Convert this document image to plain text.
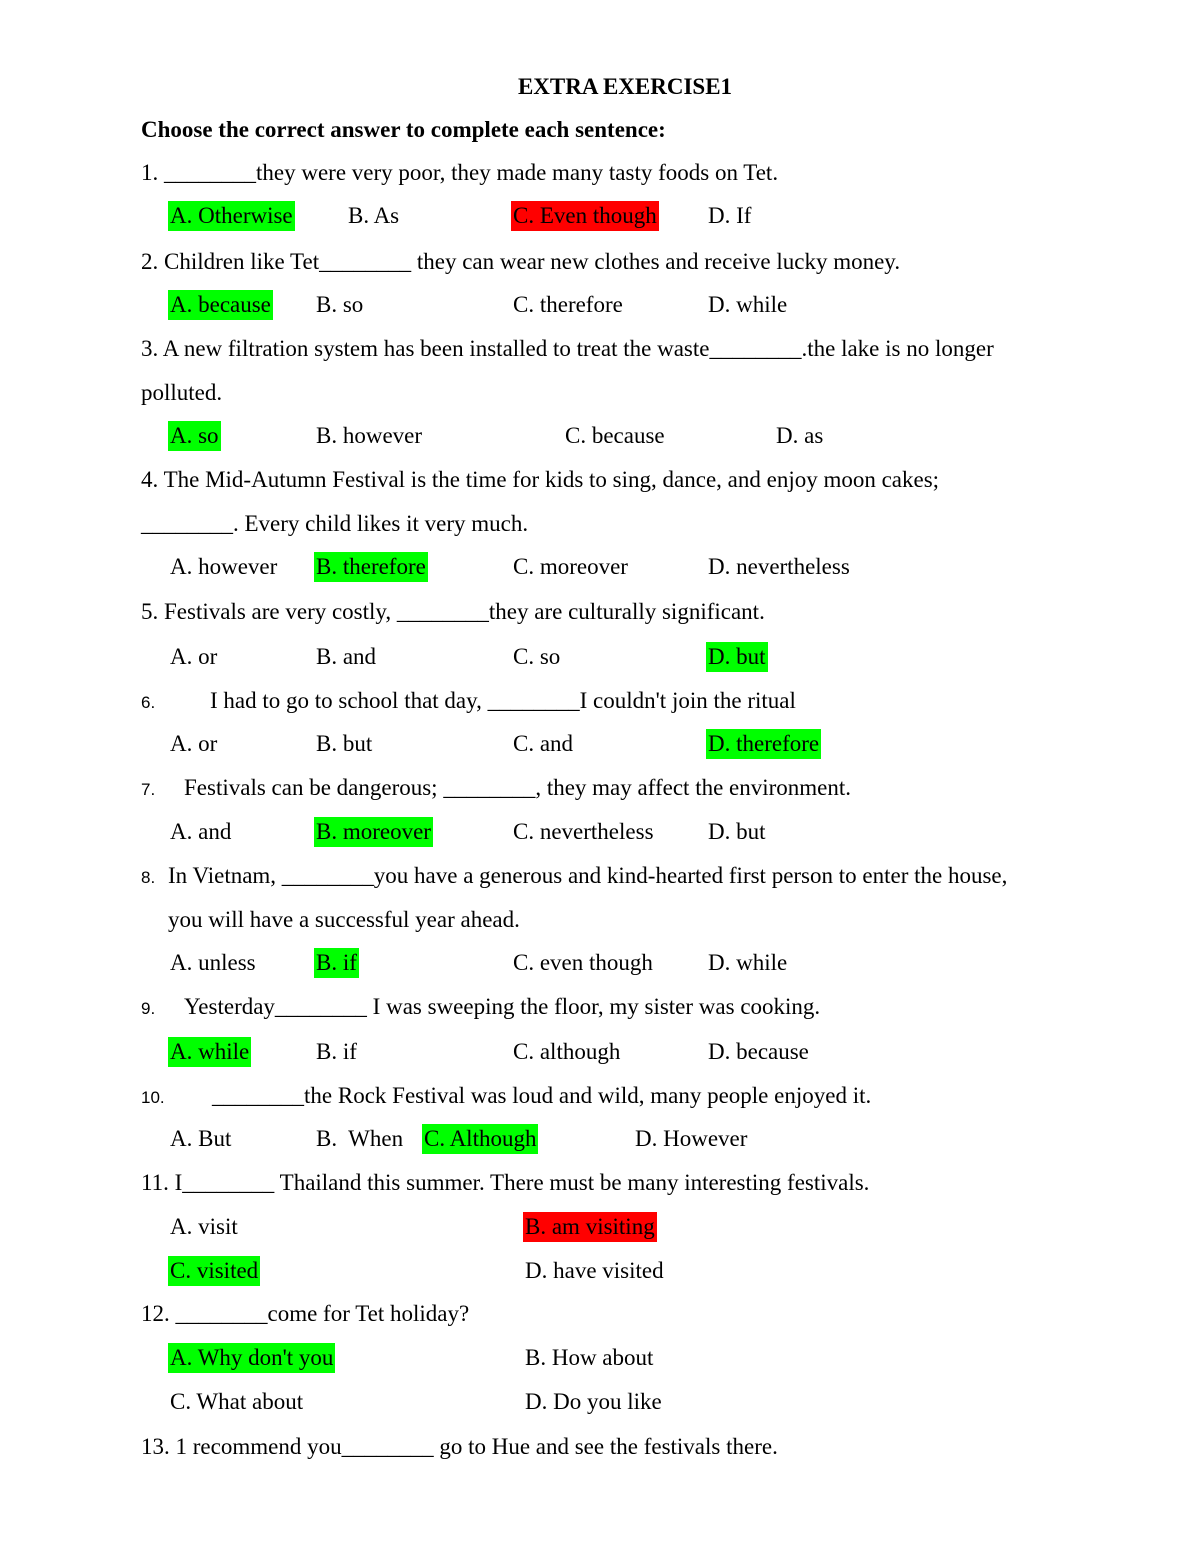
EXTRA EXERCISE1
Choose the correct answer to complete each sentence:
1. ________they were very poor, they made many tasty foods on Tet.
A. Otherwise B. As	C. Even though D. If
2. Children like Tet________ they can wear new clothes and receive lucky money.
A. because B. so	C. therefore	D. while
3. A new filtration system has been installed to treat the waste________.the lake is no longer
polluted.
A. so	B. however	C. because	D. as
4. The Mid-Autumn Festival is the time for kids to sing, dance, and enjoy moon cakes;
________. Every child likes it very much.
A. however B. therefore	C. moreover	D. nevertheless
5. Festivals are very costly, ________they are culturally significant.
A. or	B. and	C. so	D. but
6. I had to go to school that day, ________I couldn't join the ritual
A. or	B. but	C. and	D. therefore
7. Festivals can be dangerous; ________, they may affect the environment.
A. and	B. moreover	C. nevertheless D. but
8. In Vietnam, ________you have a generous and kind-hearted first person to enter the house,
you will have a successful year ahead.
A. unless	B. if	C. even though D. while
9. Yesterday________ I was sweeping the floor, my sister was cooking.
A. while	B. if	C. although	D. because
10. ________the Rock Festival was loud and wild, many people enjoyed it.
A. But	B.  When C. Although	D. However
11. I________ Thailand this summer. There must be many interesting festivals.
A. visit	B. am visiting
C. visited	D. have visited
12. ________come for Tet holiday?
A. Why don't you	B. How about
C. What about	D. Do you like
13. 1 recommend you________ go to Hue and see the festivals there.
